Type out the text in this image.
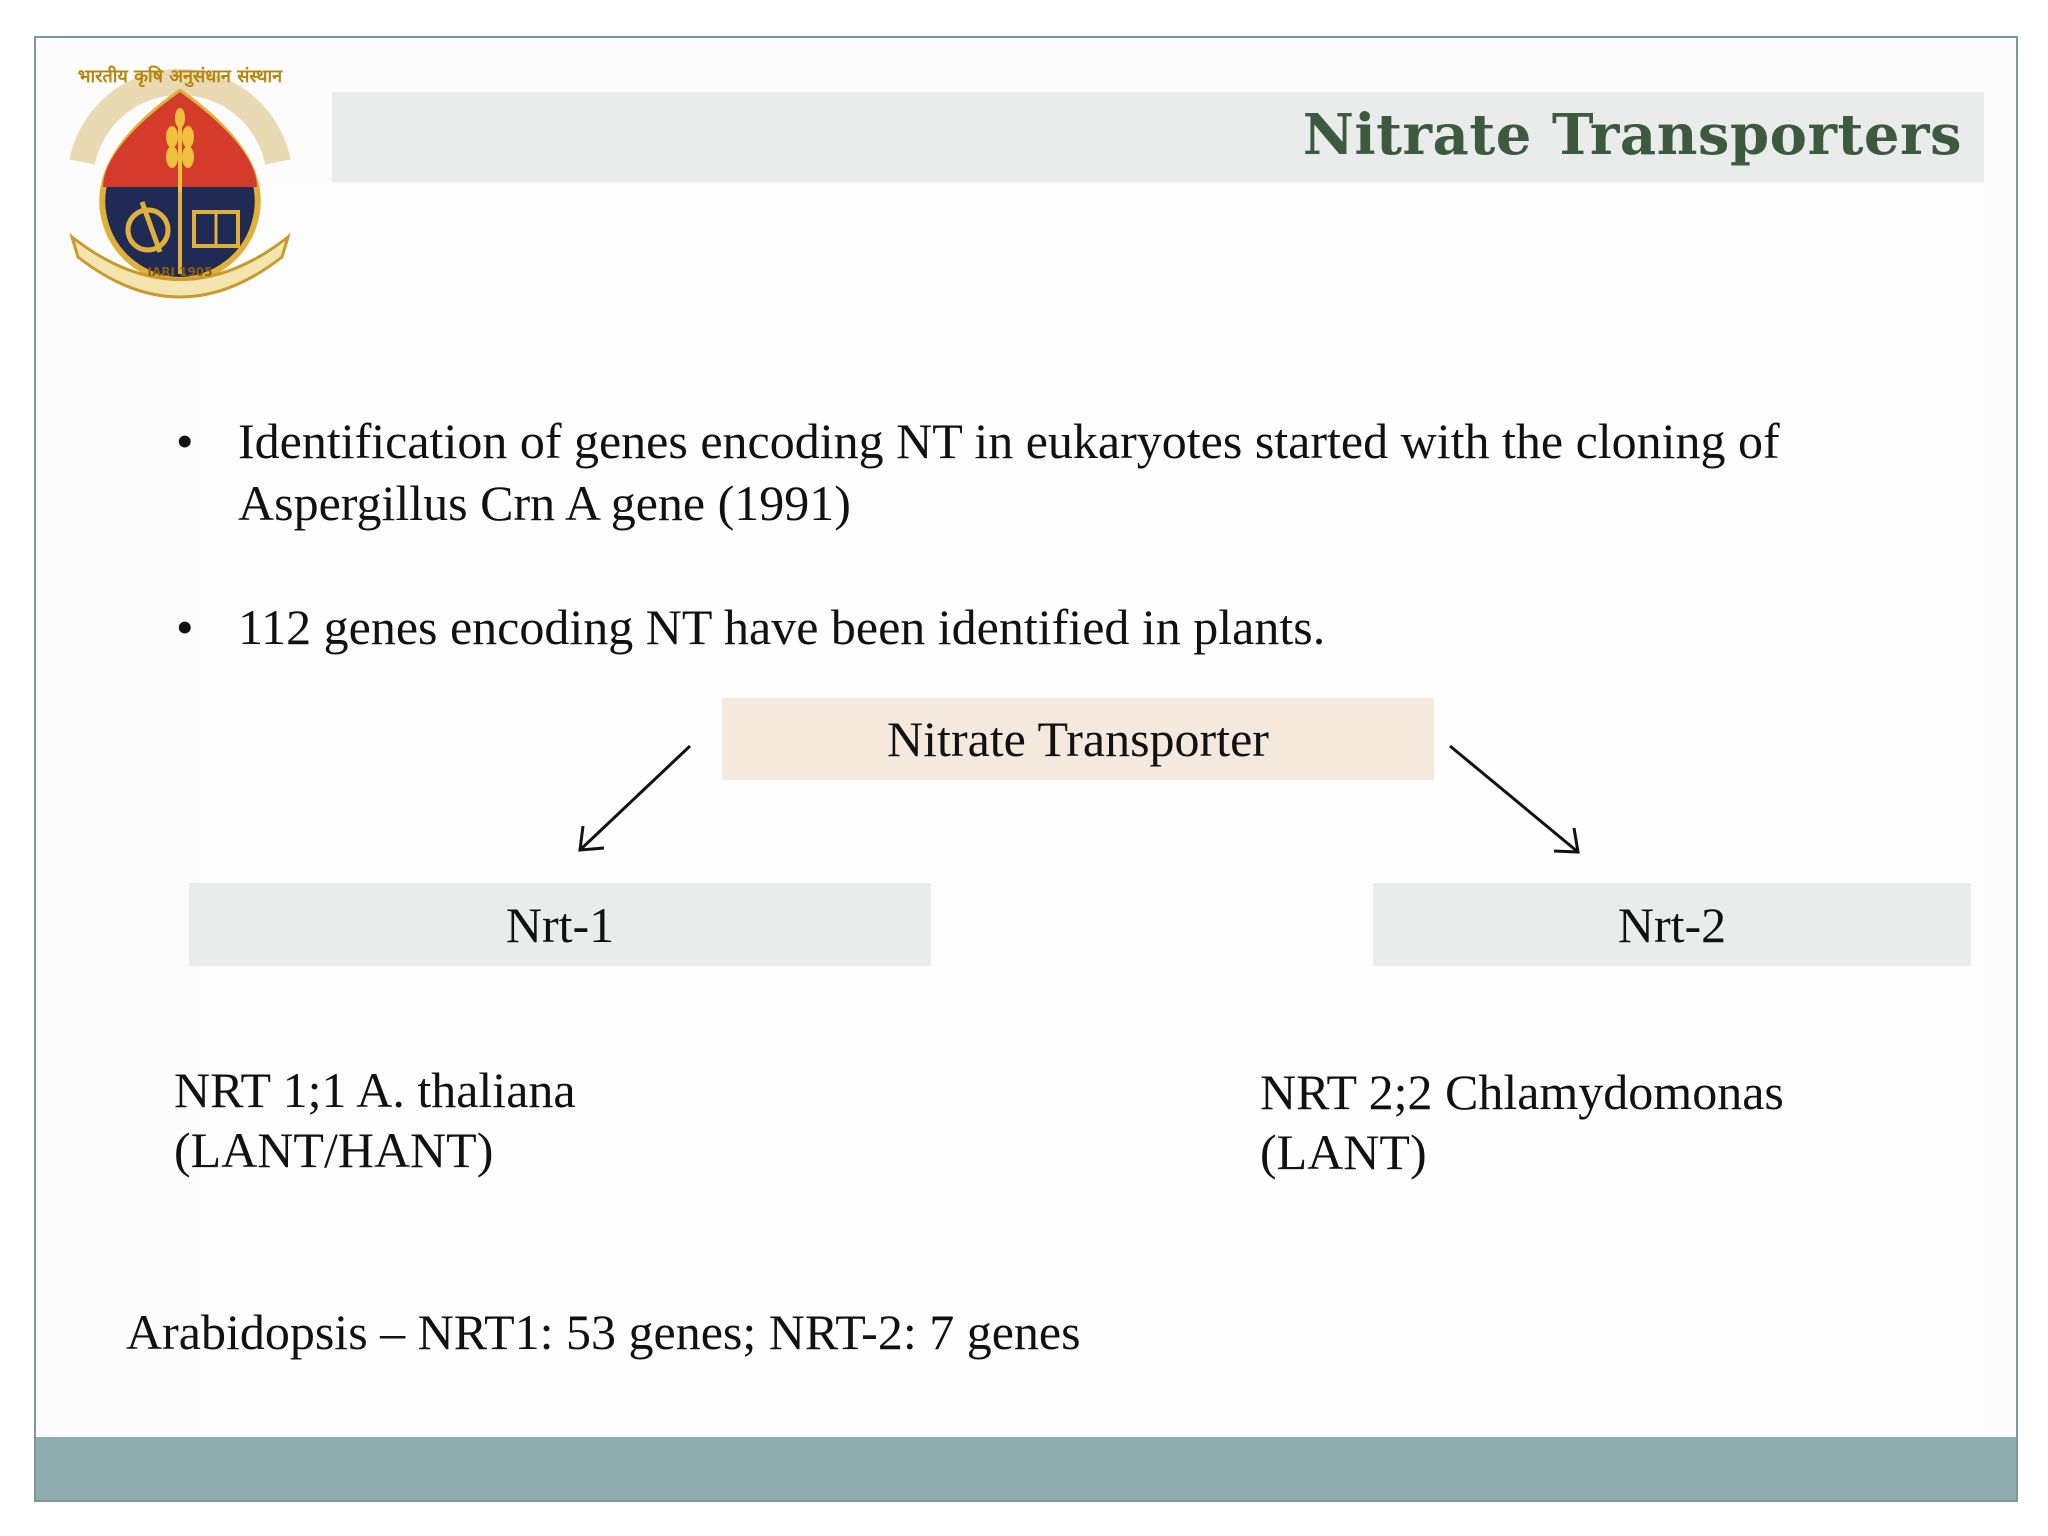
भारतीय कृषि अनुसंधान संस्थान
IARI 1905
Nitrate Transporters
• Identification of genes encoding NT in eukaryotes started with the cloning of Aspergillus Crn A gene (1991)
• 112 genes encoding NT have been identified in plants.
Nitrate Transporter
Nrt-1	Nrt-2
NRT 1;1 A. thaliana
(LANT/HANT)
NRT 2;2 Chlamydomonas
(LANT)
Arabidopsis – NRT1: 53 genes; NRT-2: 7 genes
